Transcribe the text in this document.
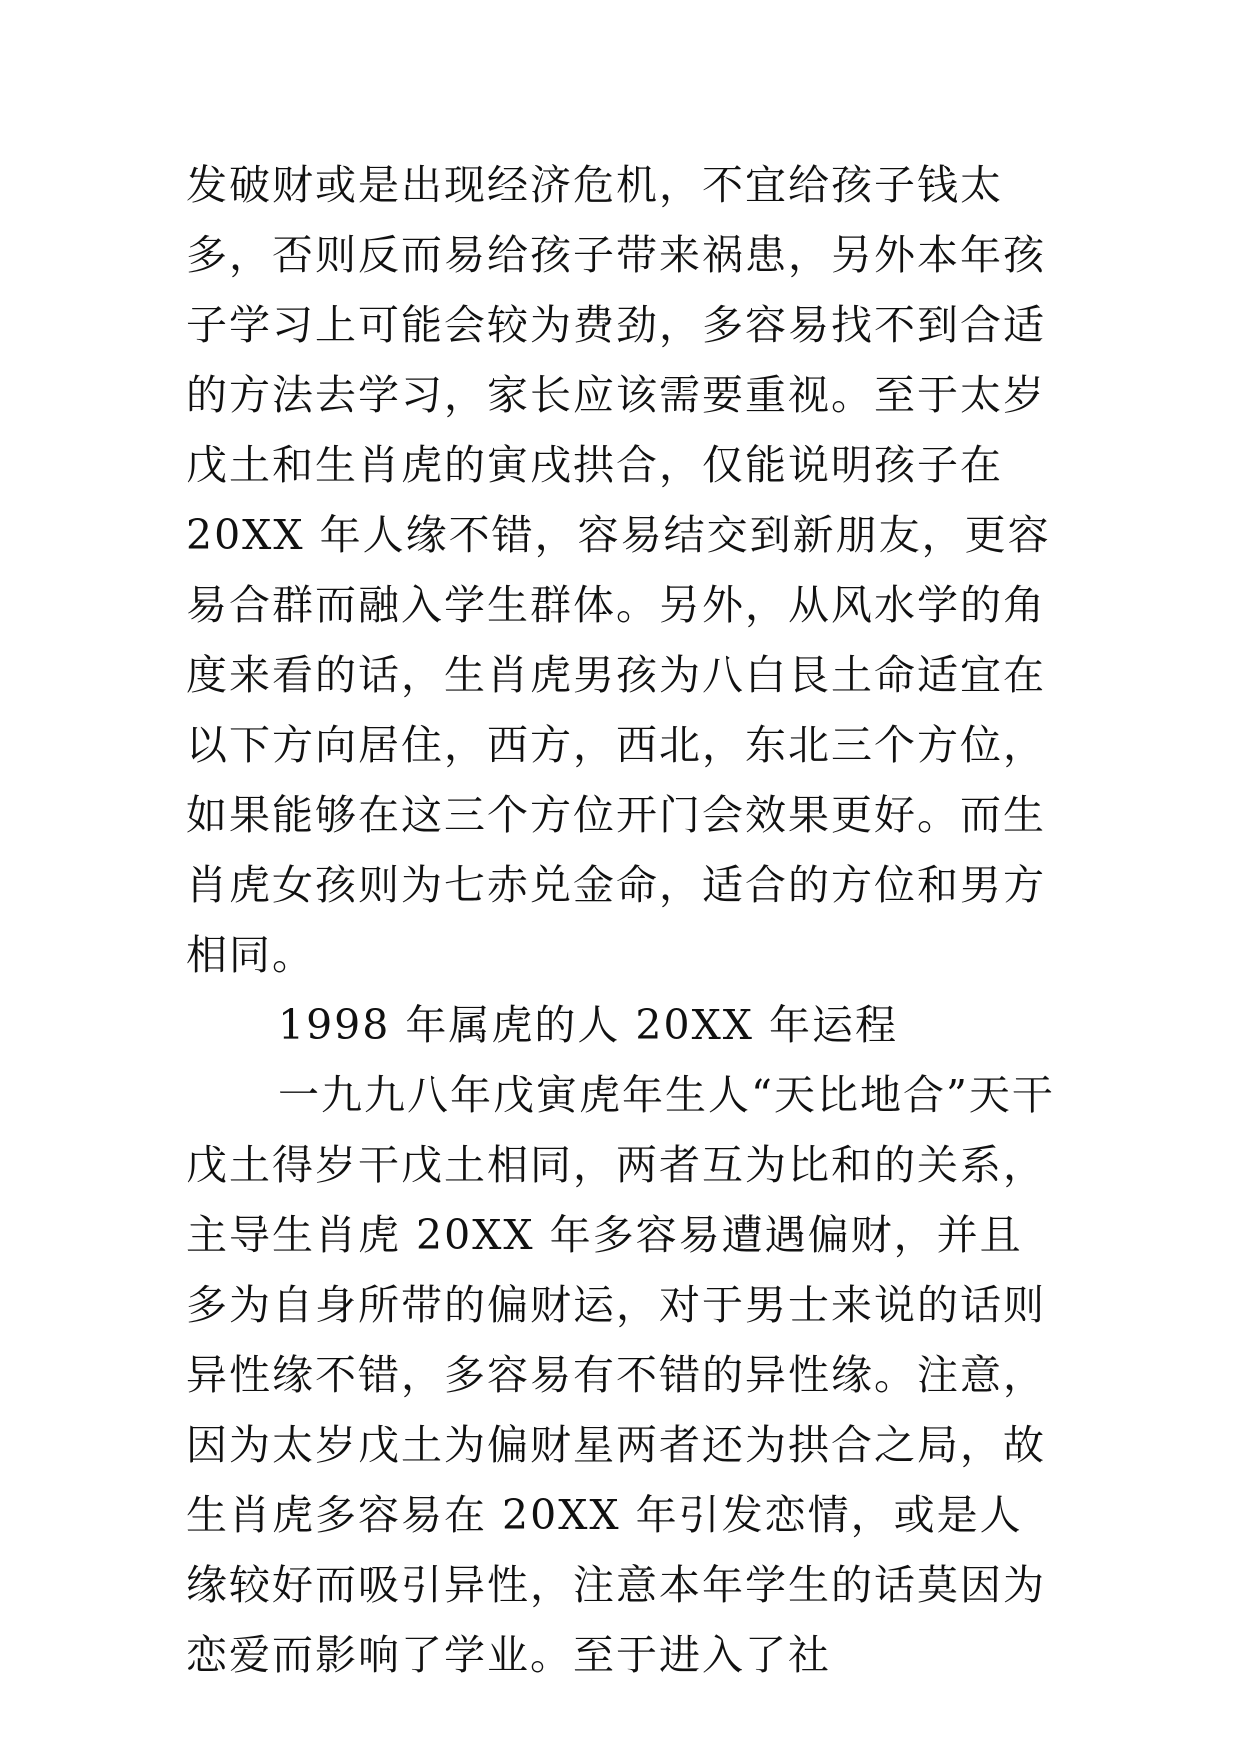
发破财或是出现经济危机，不宜给孩子钱太多，否则反而易给孩子带来祸患，另外本年孩子学习上可能会较为费劲，多容易找不到合适的方法去学习，家长应该需要重视。至于太岁戊土和生肖虎的寅戌拱合，仅能说明孩子在 20XX 年人缘不错，容易结交到新朋友，更容易合群而融入学生群体。另外，从风水学的角度来看的话，生肖虎男孩为八白艮土命适宜在以下方向居住，西方，西北，东北三个方位，如果能够在这三个方位开门会效果更好。而生肖虎女孩则为七赤兑金命，适合的方位和男方相同。

1998 年属虎的人 20XX 年运程

一九九八年戊寅虎年生人“天比地合”天干戊土得岁干戊土相同，两者互为比和的关系，主导生肖虎 20XX 年多容易遭遇偏财，并且多为自身所带的偏财运，对于男士来说的话则异性缘不错，多容易有不错的异性缘。注意，因为太岁戊土为偏财星两者还为拱合之局，故生肖虎多容易在 20XX 年引发恋情，或是人缘较好而吸引异性，注意本年学生的话莫因为恋爱而影响了学业。至于进入了社
